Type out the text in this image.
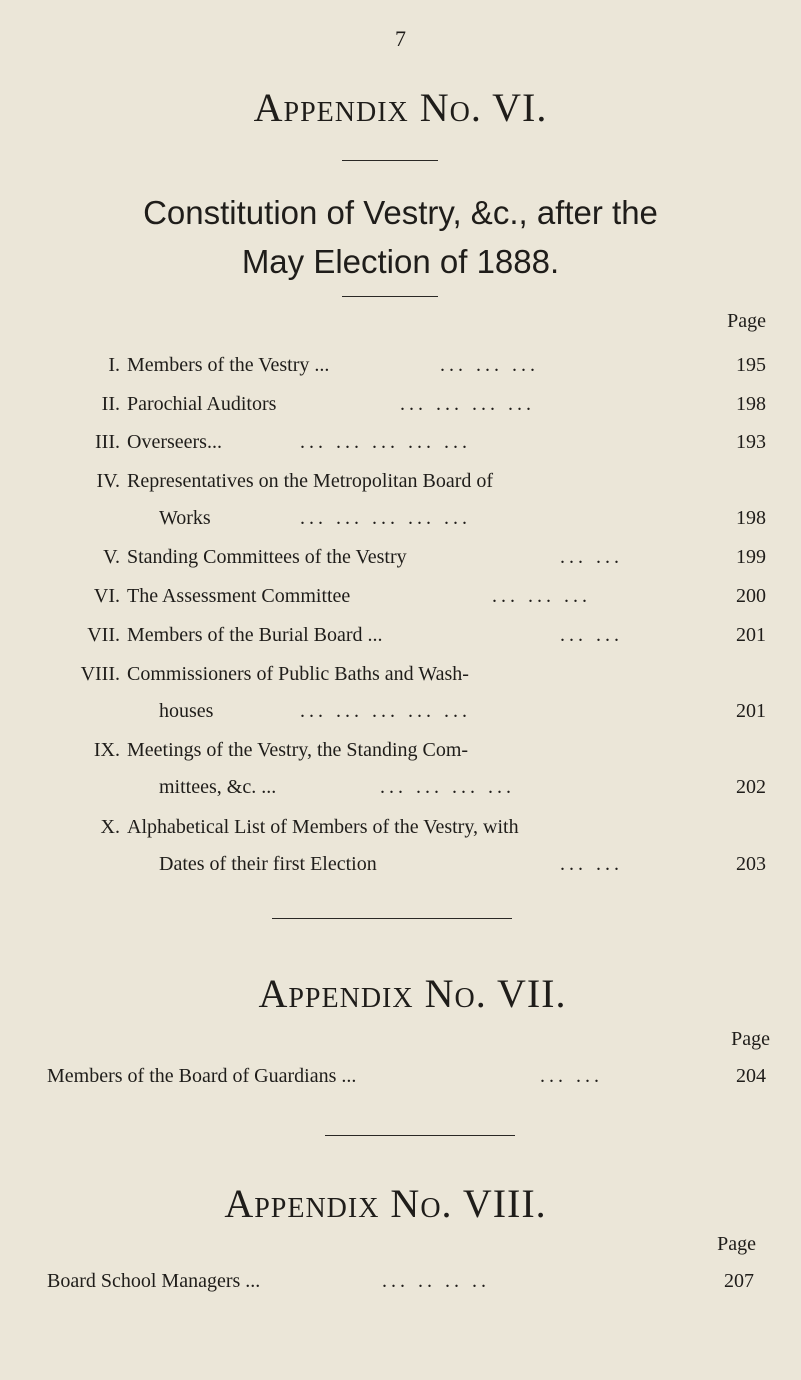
7
Appendix No. VI.
Constitution of Vestry, &c., after the
May Election of 1888.
Page
I. Members of the Vestry ...	... ... ...	195
II. Parochial Auditors	... ... ... ...	198
III. Overseers...	... ... ... ... ...	193
IV. Representatives on the Metropolitan Board of
Works	... ... ... ... ...	198
V. Standing Committees of the Vestry	... ...	199
VI. The Assessment Committee	... ... ...	200
VII. Members of the Burial Board ...	... ...	201
VIII. Commissioners of Public Baths and Wash-
houses	... ... ... ... ...	201
IX. Meetings of the Vestry, the Standing Com-
mittees, &c. ...	... ... ... ...	202
X. Alphabetical List of Members of the Vestry, with
Dates of their first Election	... ...	203
Appendix No. VII.
Page
Members of the Board of Guardians ...	... ...	204
Appendix No. VIII.
Page
Board School Managers ...	... .. .. ..	207
